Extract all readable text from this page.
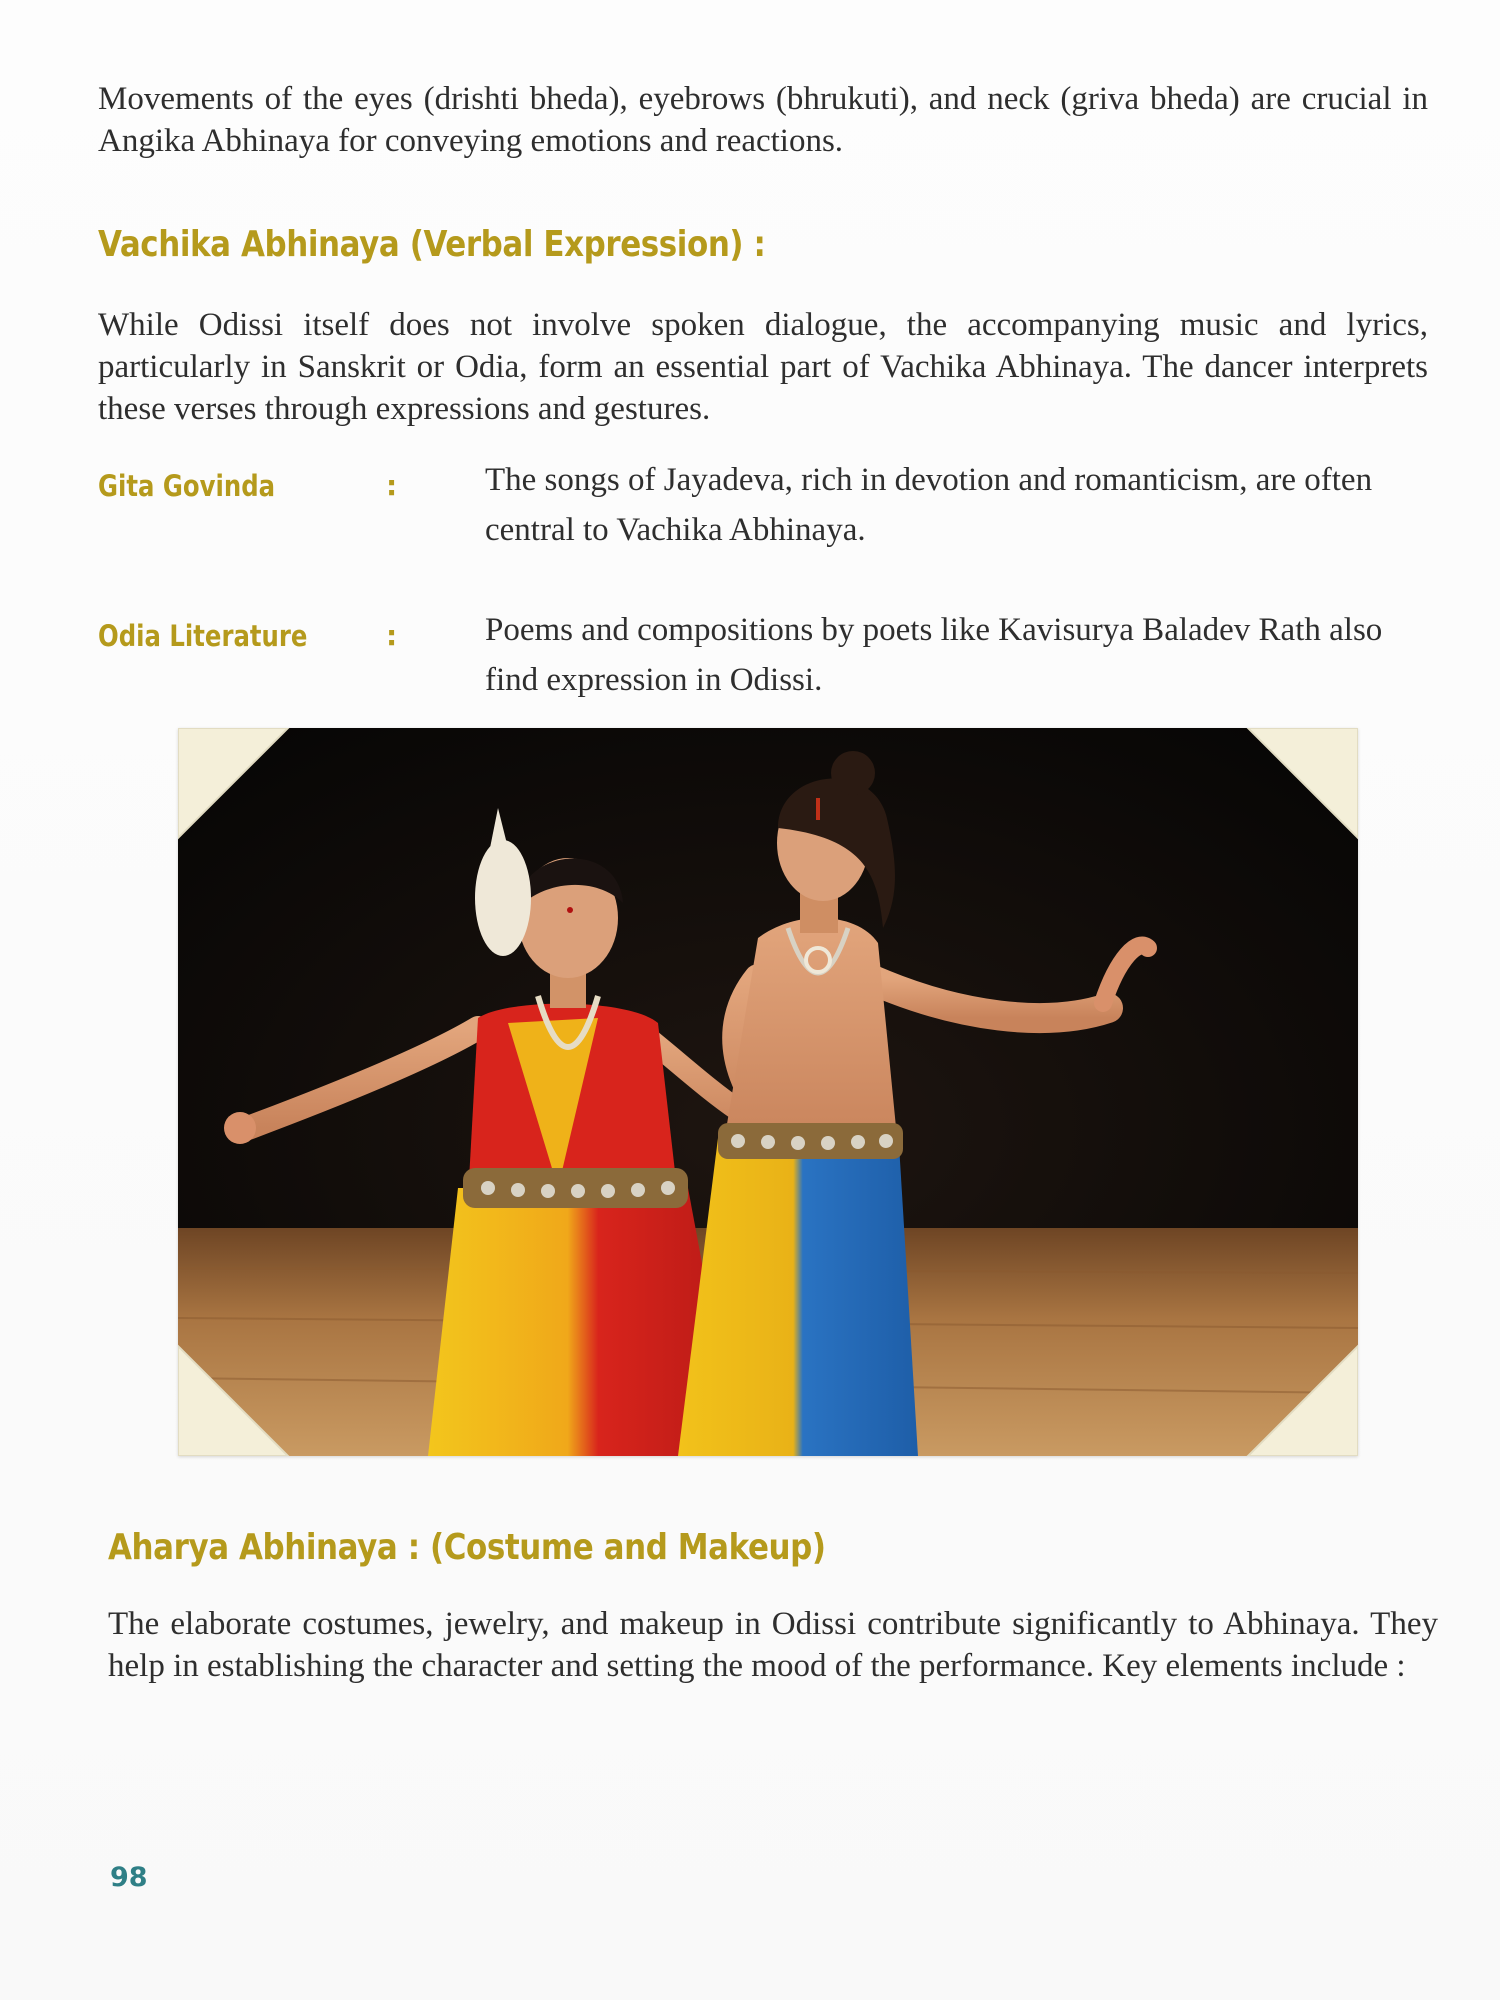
Movements of the eyes (drishti bheda), eyebrows (bhrukuti), and neck (griva bheda) are crucial in Angika Abhinaya for conveying emotions and reactions.

Vachika Abhinaya (Verbal Expression) :

While Odissi itself does not involve spoken dialogue, the accompanying music and lyrics, particularly in Sanskrit or Odia, form an essential part of Vachika Abhinaya. The dancer interprets these verses through expressions and gestures.

Gita Govinda	:	The songs of Jayadeva, rich in devotion and romanticism, are often central to Vachika Abhinaya.

Odia Literature	:	Poems and compositions by poets like Kavisurya Baladev Rath also find expression in Odissi.

Aharya Abhinaya : (Costume and Makeup)

The elaborate costumes, jewelry, and makeup in Odissi contribute significantly to Abhinaya. They help in establishing the character and setting the mood of the performance. Key elements include :

98
